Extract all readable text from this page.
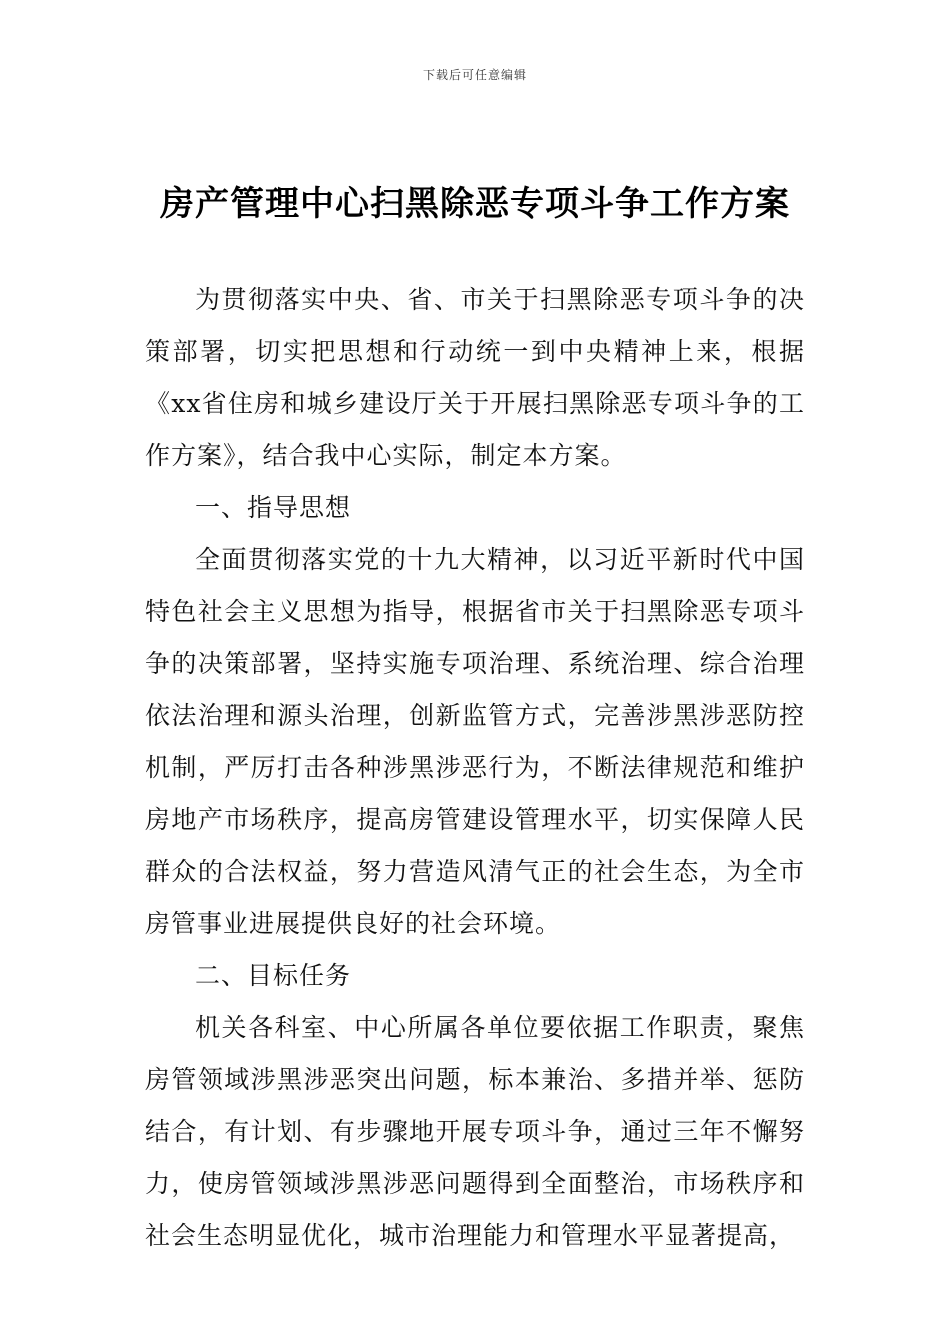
下载后可任意编辑
房产管理中心扫黑除恶专项斗争工作方案

为贯彻落实中央、省、市关于扫黑除恶专项斗争的决策部署，切实把思想和行动统一到中央精神上来，根据《xx省住房和城乡建设厅关于开展扫黑除恶专项斗争的工作方案》，结合我中心实际，制定本方案。

一、指导思想

全面贯彻落实党的十九大精神，以习近平新时代中国特色社会主义思想为指导，根据省市关于扫黑除恶专项斗争的决策部署，坚持实施专项治理、系统治理、综合治理依法治理和源头治理，创新监管方式，完善涉黑涉恶防控机制，严厉打击各种涉黑涉恶行为，不断法律规范和维护房地产市场秩序，提高房管建设管理水平，切实保障人民群众的合法权益，努力营造风清气正的社会生态，为全市房管事业进展提供良好的社会环境。

二、目标任务

机关各科室、中心所属各单位要依据工作职责，聚焦房管领域涉黑涉恶突出问题，标本兼治、多措并举、惩防结合，有计划、有步骤地开展专项斗争，通过三年不懈努力，使房管领域涉黑涉恶问题得到全面整治，市场秩序和社会生态明显优化，城市治理能力和管理水平显著提高，
